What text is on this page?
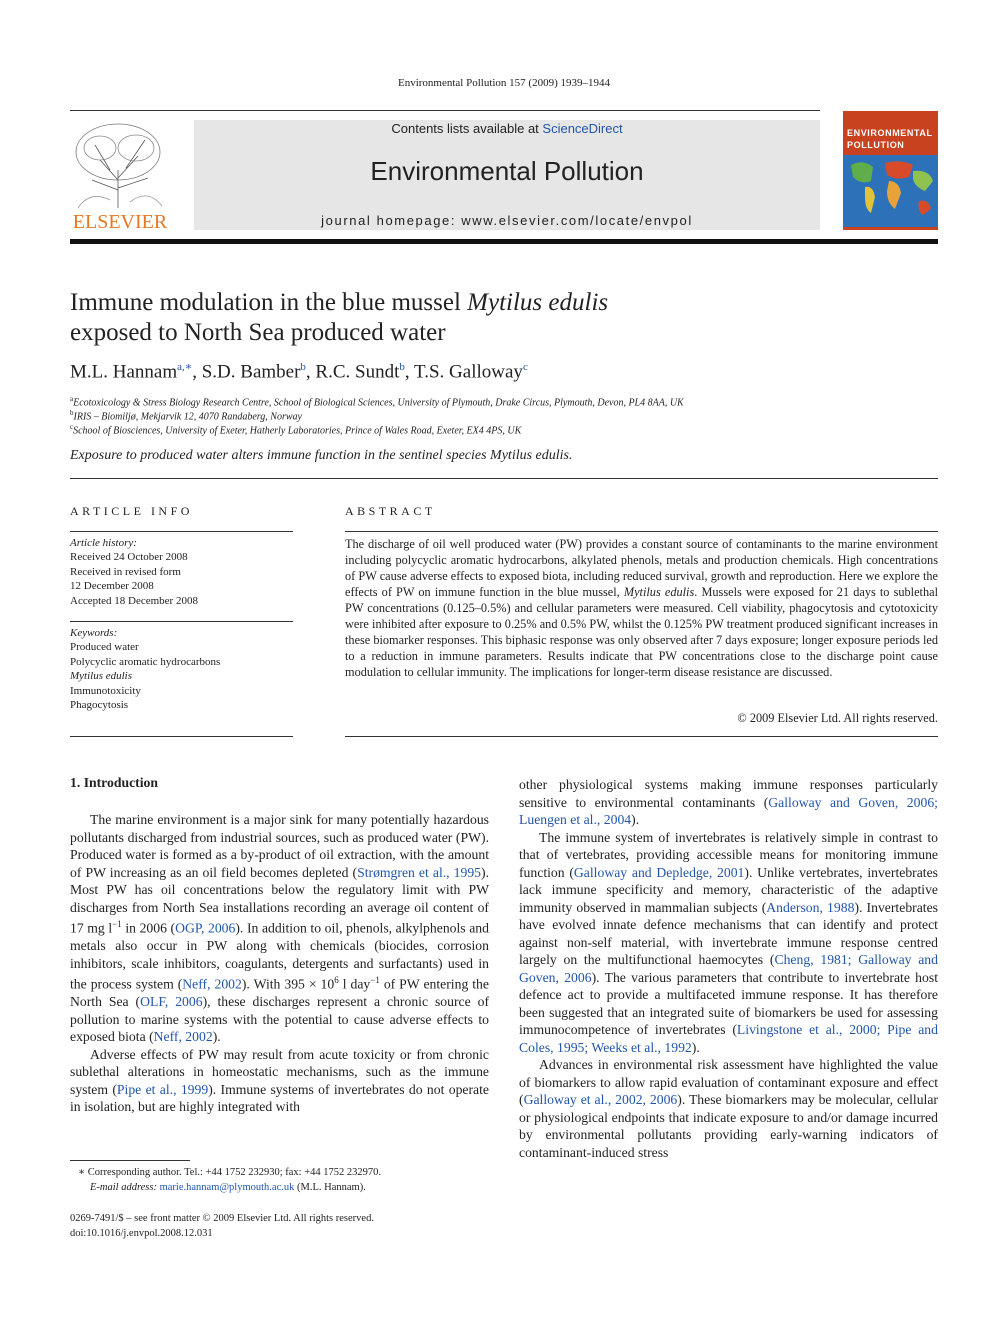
Environmental Pollution 157 (2009) 1939–1944
ELSEVIER
Contents lists available at ScienceDirect
Environmental Pollution
journal homepage: www.elsevier.com/locate/envpol
ENVIRONMENTAL
POLLUTION
Immune modulation in the blue mussel Mytilus edulis
exposed to North Sea produced water
M.L. Hannam$^{a,∗}$, S.D. Bamber$^b$, R.C. Sundt$^b$, T.S. Galloway$^c$
$^a$Ecotoxicology & Stress Biology Research Centre, School of Biological Sciences, University of Plymouth, Drake Circus, Plymouth, Devon, PL4 8AA, UK
$^b$IRIS – Biomiljø, Mekjarvik 12, 4070 Randaberg, Norway
$^c$School of Biosciences, University of Exeter, Hatherly Laboratories, Prince of Wales Road, Exeter, EX4 4PS, UK
Exposure to produced water alters immune function in the sentinel species Mytilus edulis.
ARTICLE INFO
Article history:
Received 24 October 2008
Received in revised form
12 December 2008
Accepted 18 December 2008
Keywords:
Produced water
Polycyclic aromatic hydrocarbons
Mytilus edulis
Immunotoxicity
Phagocytosis
ABSTRACT
The discharge of oil well produced water (PW) provides a constant source of contaminants to the marine environment including polycyclic aromatic hydrocarbons, alkylated phenols, metals and production chemicals. High concentrations of PW cause adverse effects to exposed biota, including reduced survival, growth and reproduction. Here we explore the effects of PW on immune function in the blue mussel, Mytilus edulis. Mussels were exposed for 21 days to sublethal PW concentrations (0.125–0.5%) and cellular parameters were measured. Cell viability, phagocytosis and cytotoxicity were inhibited after exposure to 0.25% and 0.5% PW, whilst the 0.125% PW treatment produced significant increases in these biomarker responses. This biphasic response was only observed after 7 days exposure; longer exposure periods led to a reduction in immune parameters. Results indicate that PW concentrations close to the discharge point cause modulation to cellular immunity. The implications for longer-term disease resistance are discussed.
© 2009 Elsevier Ltd. All rights reserved.
1. Introduction

The marine environment is a major sink for many potentially hazardous pollutants discharged from industrial sources, such as produced water (PW). Produced water is formed as a by-product of oil extraction, with the amount of PW increasing as an oil field becomes depleted (Strømgren et al., 1995). Most PW has oil concentrations below the regulatory limit with PW discharges from North Sea installations recording an average oil content of 17 mg $l^{-1}$ in 2006 (OGP, 2006). In addition to oil, phenols, alkylphenols and metals also occur in PW along with chemicals (biocides, corrosion inhibitors, scale inhibitors, coagulants, detergents and surfactants) used in the process system (Neff, 2002). With $395 \times 10^6$ l day$^{-1}$ of PW entering the North Sea (OLF, 2006), these discharges represent a chronic source of pollution to marine systems with the potential to cause adverse effects to exposed biota (Neff, 2002).

Adverse effects of PW may result from acute toxicity or from chronic sublethal alterations in homeostatic mechanisms, such as the immune system (Pipe et al., 1999). Immune systems of invertebrates do not operate in isolation, but are highly integrated with

other physiological systems making immune responses particularly sensitive to environmental contaminants (Galloway and Goven, 2006; Luengen et al., 2004).

The immune system of invertebrates is relatively simple in contrast to that of vertebrates, providing accessible means for monitoring immune function (Galloway and Depledge, 2001). Unlike vertebrates, invertebrates lack immune specificity and memory, characteristic of the adaptive immunity observed in mammalian subjects (Anderson, 1988). Invertebrates have evolved innate defence mechanisms that can identify and protect against non-self material, with invertebrate immune response centred largely on the multifunctional haemocytes (Cheng, 1981; Galloway and Goven, 2006). The various parameters that contribute to invertebrate host defence act to provide a multifaceted immune response. It has therefore been suggested that an integrated suite of biomarkers be used for assessing immunocompetence of invertebrates (Livingstone et al., 2000; Pipe and Coles, 1995; Weeks et al., 1992).

Advances in environmental risk assessment have highlighted the value of biomarkers to allow rapid evaluation of contaminant exposure and effect (Galloway et al., 2002, 2006). These biomarkers may be molecular, cellular or physiological endpoints that indicate exposure to and/or damage incurred by environmental pollutants providing early-warning indicators of contaminant-induced stress

∗ Corresponding author. Tel.: +44 1752 232930; fax: +44 1752 232970.
E-mail address: marie.hannam@plymouth.ac.uk (M.L. Hannam).
0269-7491/$ – see front matter © 2009 Elsevier Ltd. All rights reserved.
doi:10.1016/j.envpol.2008.12.031
